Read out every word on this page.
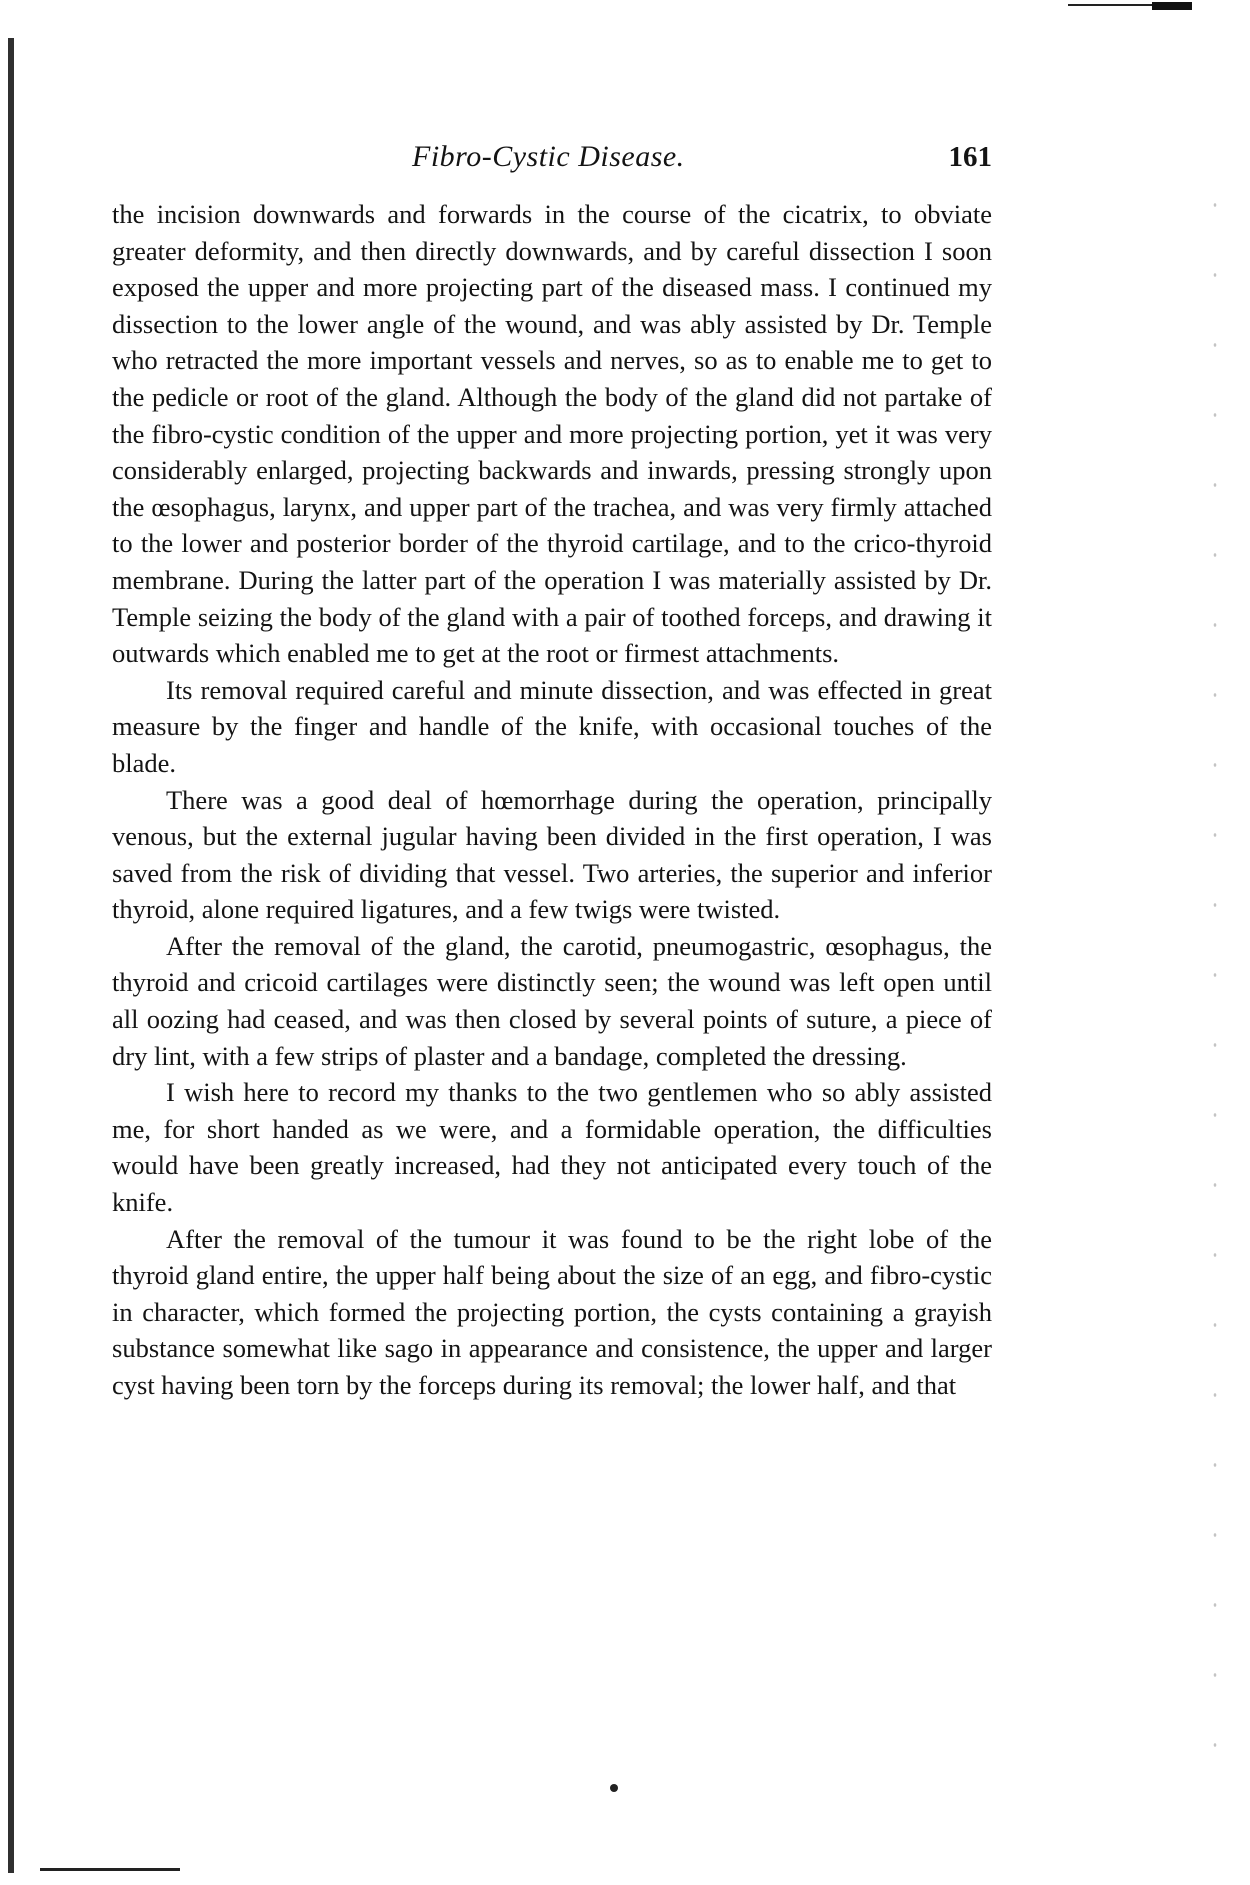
Fibro-Cystic Disease.	161

the incision downwards and forwards in the course of the cicatrix, to obviate greater deformity, and then directly downwards, and by careful dissection I soon exposed the upper and more projecting part of the diseased mass. I continued my dissection to the lower angle of the wound, and was ably assisted by Dr. Temple who retracted the more important vessels and nerves, so as to enable me to get to the pedicle or root of the gland. Although the body of the gland did not partake of the fibro-cystic condition of the upper and more projecting portion, yet it was very considerably enlarged, projecting backwards and inwards, pressing strongly upon the œsophagus, larynx, and upper part of the trachea, and was very firmly attached to the lower and posterior border of the thyroid cartilage, and to the crico-thyroid membrane. During the latter part of the operation I was materially assisted by Dr. Temple seizing the body of the gland with a pair of toothed forceps, and drawing it outwards which enabled me to get at the root or firmest attachments.

Its removal required careful and minute dissection, and was effected in great measure by the finger and handle of the knife, with occasional touches of the blade.

There was a good deal of hœmorrhage during the operation, principally venous, but the external jugular having been divided in the first operation, I was saved from the risk of dividing that vessel. Two arteries, the superior and inferior thyroid, alone required ligatures, and a few twigs were twisted.

After the removal of the gland, the carotid, pneumogastric, œsophagus, the thyroid and cricoid cartilages were distinctly seen; the wound was left open until all oozing had ceased, and was then closed by several points of suture, a piece of dry lint, with a few strips of plaster and a bandage, completed the dressing.

I wish here to record my thanks to the two gentlemen who so ably assisted me, for short handed as we were, and a formidable operation, the difficulties would have been greatly increased, had they not anticipated every touch of the knife.

After the removal of the tumour it was found to be the right lobe of the thyroid gland entire, the upper half being about the size of an egg, and fibro-cystic in character, which formed the projecting portion, the cysts containing a grayish substance somewhat like sago in appearance and consistence, the upper and larger cyst having been torn by the forceps during its removal; the lower half, and that
